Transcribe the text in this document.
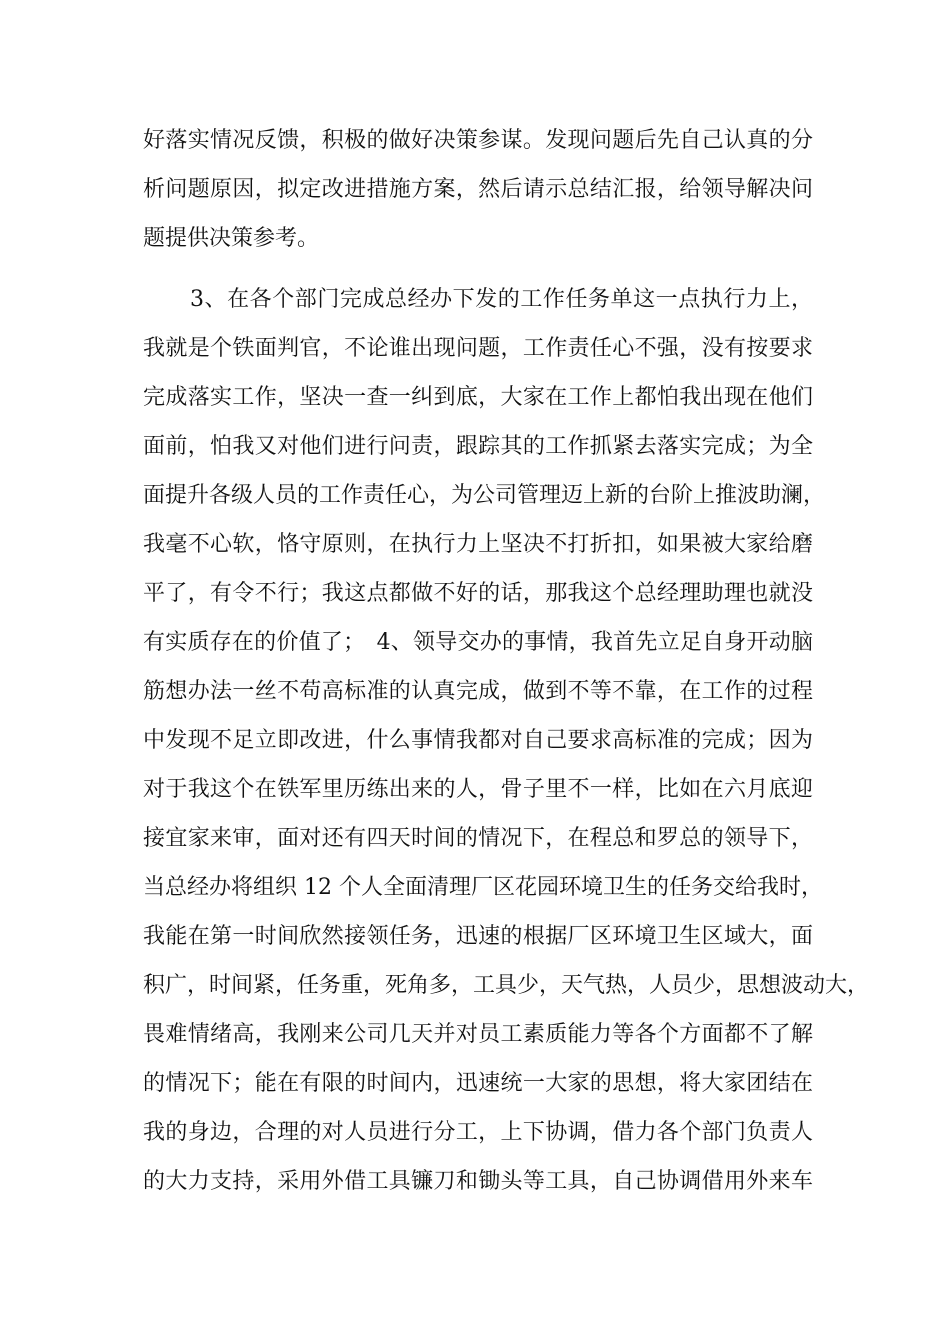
好落实情况反馈，积极的做好决策参谋。发现问题后先自己认真的分
析问题原因，拟定改进措施方案，然后请示总结汇报，给领导解决问
题提供决策参考。
3、在各个部门完成总经办下发的工作任务单这一点执行力上，
我就是个铁面判官，不论谁出现问题，工作责任心不强，没有按要求
完成落实工作，坚决一查一纠到底，大家在工作上都怕我出现在他们
面前，怕我又对他们进行问责，跟踪其的工作抓紧去落实完成；为全
面提升各级人员的工作责任心，为公司管理迈上新的台阶上推波助澜，
我毫不心软，恪守原则，在执行力上坚决不打折扣，如果被大家给磨
平了，有令不行；我这点都做不好的话，那我这个总经理助理也就没
有实质存在的价值了；　4、领导交办的事情，我首先立足自身开动脑
筋想办法一丝不苟高标准的认真完成，做到不等不靠，在工作的过程
中发现不足立即改进，什么事情我都对自己要求高标准的完成；因为
对于我这个在铁军里历练出来的人，骨子里不一样，比如在六月底迎
接宜家来审，面对还有四天时间的情况下，在程总和罗总的领导下，
当总经办将组织 12 个人全面清理厂区花园环境卫生的任务交给我时，
我能在第一时间欣然接领任务，迅速的根据厂区环境卫生区域大，面
积广，时间紧，任务重，死角多，工具少，天气热，人员少，思想波动大，
畏难情绪高，我刚来公司几天并对员工素质能力等各个方面都不了解
的情况下；能在有限的时间内，迅速统一大家的思想，将大家团结在
我的身边，合理的对人员进行分工，上下协调，借力各个部门负责人
的大力支持，采用外借工具镰刀和锄头等工具，自己协调借用外来车
